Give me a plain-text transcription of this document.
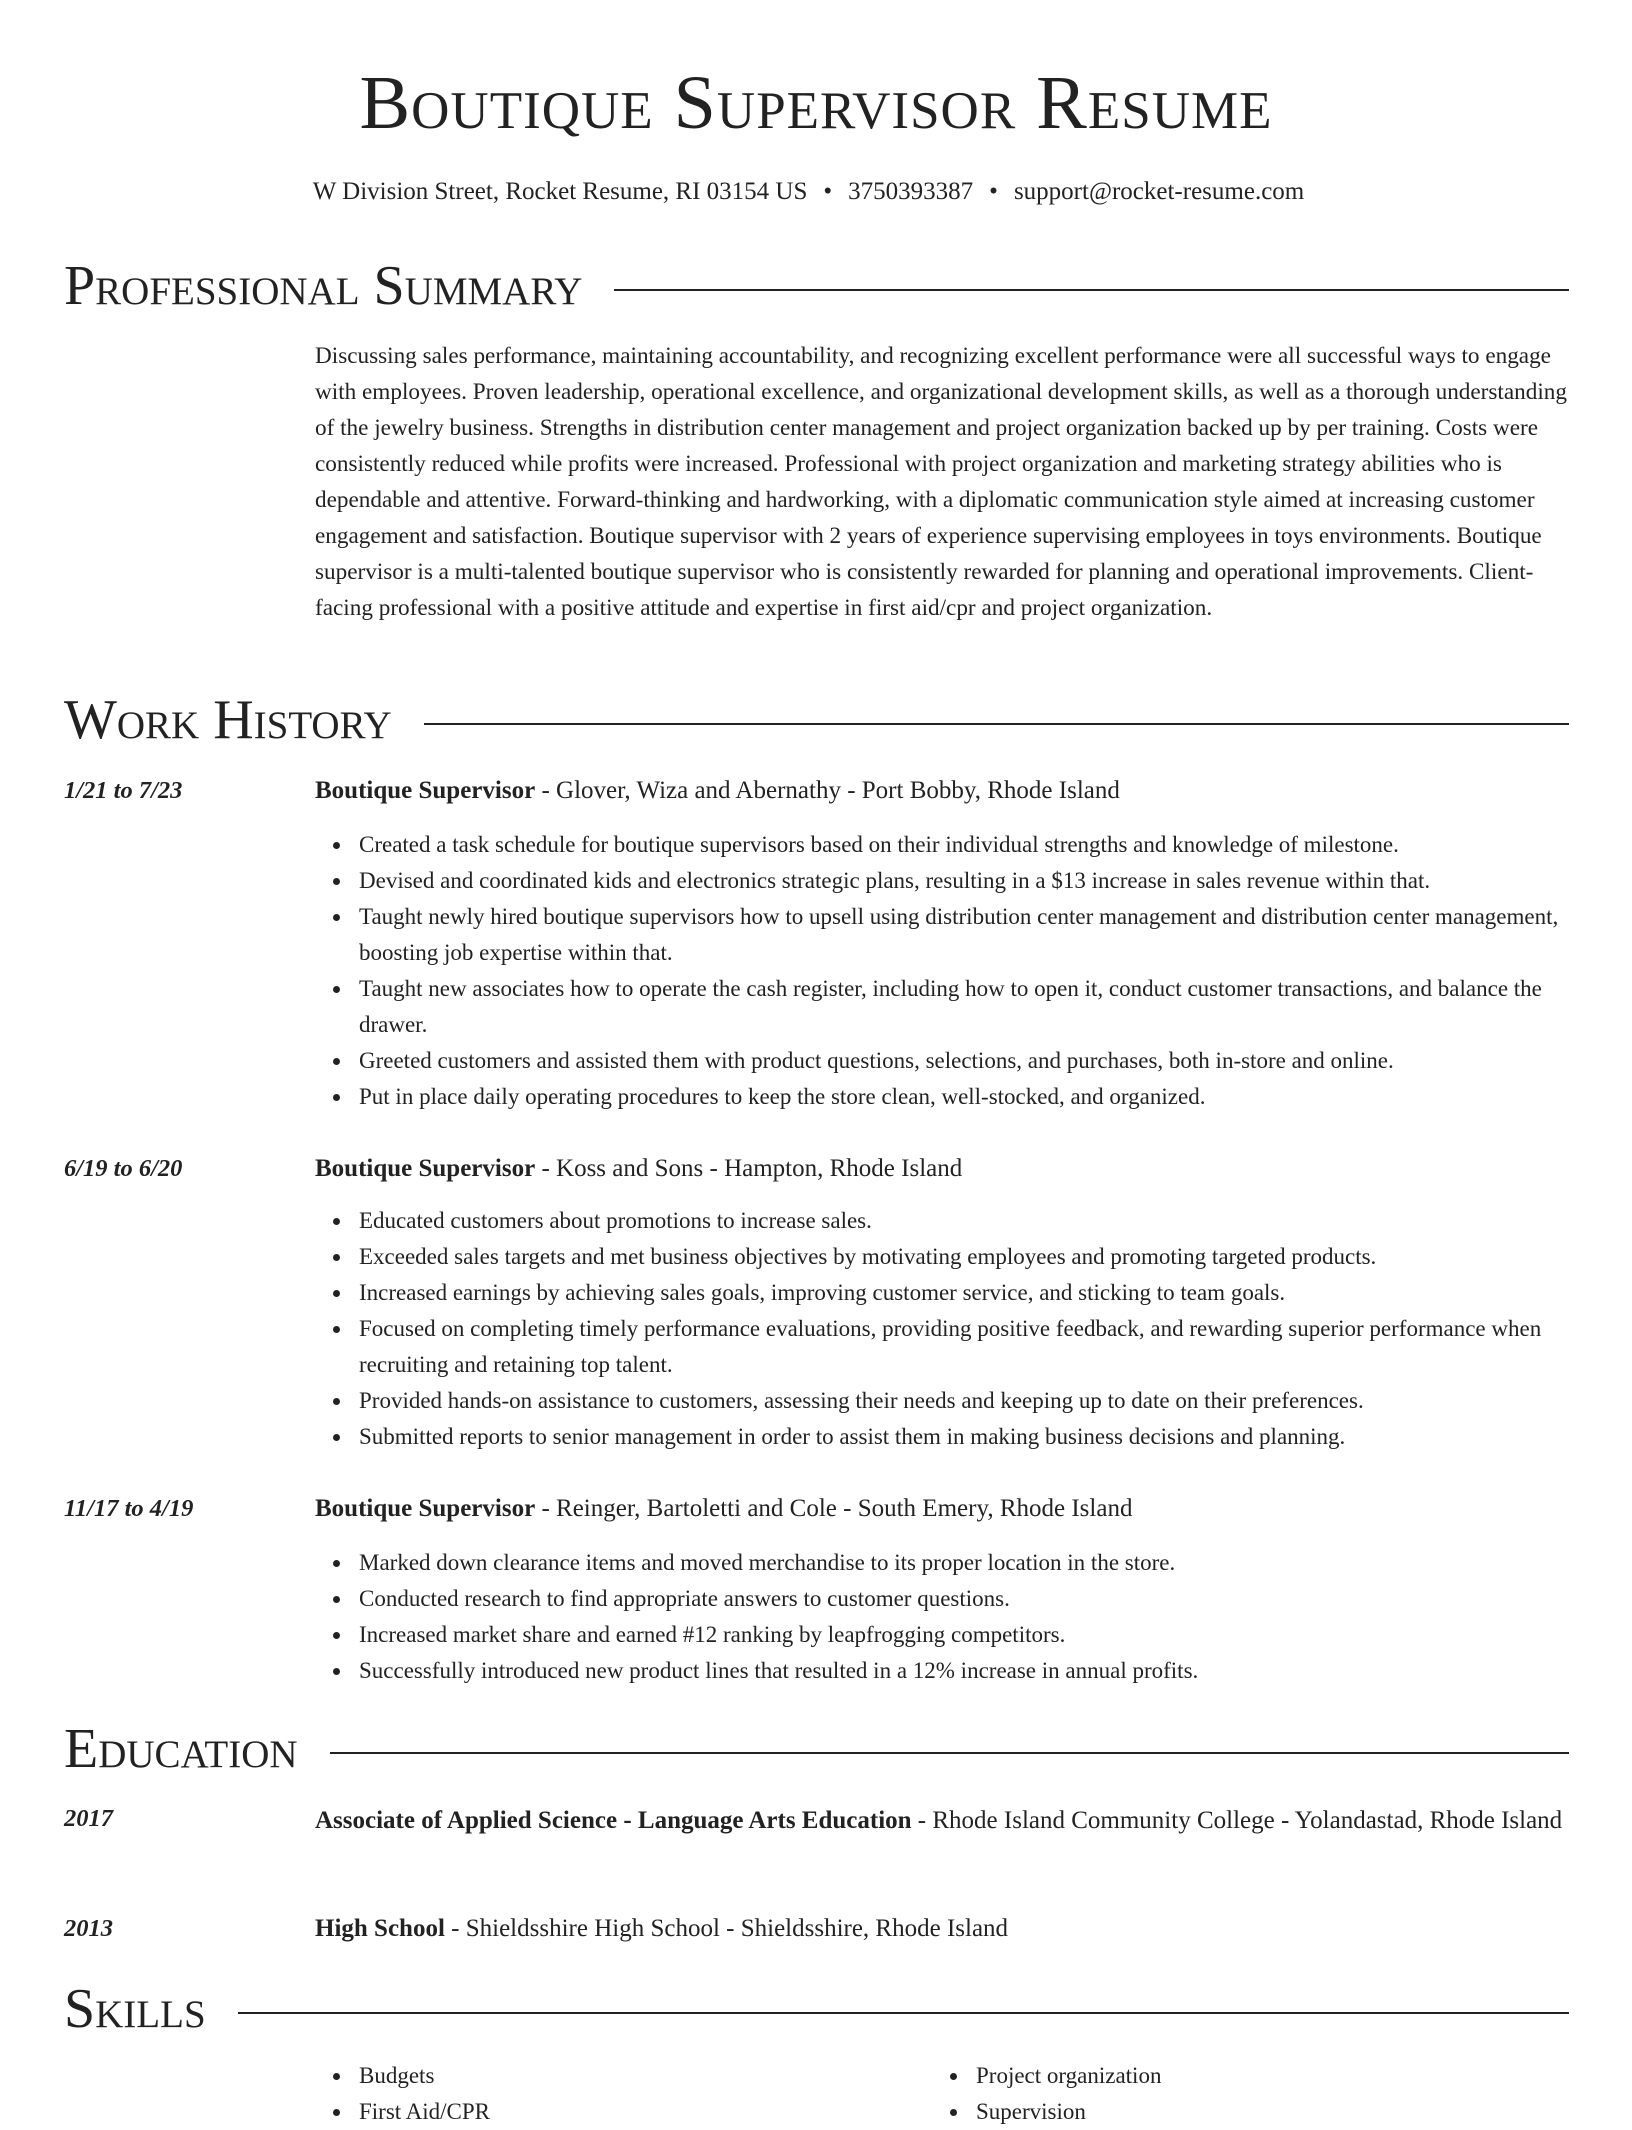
Boutique Supervisor Resume
W Division Street, Rocket Resume, RI 03154 US • 3750393387 • support@rocket-resume.com
Professional Summary

Discussing sales performance, maintaining accountability, and recognizing excellent performance were all successful ways to engage with employees. Proven leadership, operational excellence, and organizational development skills, as well as a thorough understanding of the jewelry business. Strengths in distribution center management and project organization backed up by per training. Costs were consistently reduced while profits were increased. Professional with project organization and marketing strategy abilities who is dependable and attentive. Forward-thinking and hardworking, with a diplomatic communication style aimed at increasing customer engagement and satisfaction. Boutique supervisor with 2 years of experience supervising employees in toys environments. Boutique supervisor is a multi-talented boutique supervisor who is consistently rewarded for planning and operational improvements. Client-facing professional with a positive attitude and expertise in first aid/cpr and project organization.

Work History
1/21 to 7/23	Boutique Supervisor - Glover, Wiza and Abernathy - Port Bobby, Rhode Island
Created a task schedule for boutique supervisors based on their individual strengths and knowledge of milestone.
Devised and coordinated kids and electronics strategic plans, resulting in a $13 increase in sales revenue within that.
Taught newly hired boutique supervisors how to upsell using distribution center management and distribution center management, boosting job expertise within that.
Taught new associates how to operate the cash register, including how to open it, conduct customer transactions, and balance the drawer.
Greeted customers and assisted them with product questions, selections, and purchases, both in-store and online.
Put in place daily operating procedures to keep the store clean, well-stocked, and organized.
6/19 to 6/20	Boutique Supervisor - Koss and Sons - Hampton, Rhode Island
Educated customers about promotions to increase sales.
Exceeded sales targets and met business objectives by motivating employees and promoting targeted products.
Increased earnings by achieving sales goals, improving customer service, and sticking to team goals.
Focused on completing timely performance evaluations, providing positive feedback, and rewarding superior performance when recruiting and retaining top talent.
Provided hands-on assistance to customers, assessing their needs and keeping up to date on their preferences.
Submitted reports to senior management in order to assist them in making business decisions and planning.
11/17 to 4/19	Boutique Supervisor - Reinger, Bartoletti and Cole - South Emery, Rhode Island
Marked down clearance items and moved merchandise to its proper location in the store.
Conducted research to find appropriate answers to customer questions.
Increased market share and earned #12 ranking by leapfrogging competitors.
Successfully introduced new product lines that resulted in a 12% increase in annual profits.
Education
2017	Associate of Applied Science - Language Arts Education - Rhode Island Community College - Yolandastad, Rhode Island
2013	High School - Shieldsshire High School - Shieldsshire, Rhode Island
Skills
Budgets
First Aid/CPR
Project organization
Supervision
